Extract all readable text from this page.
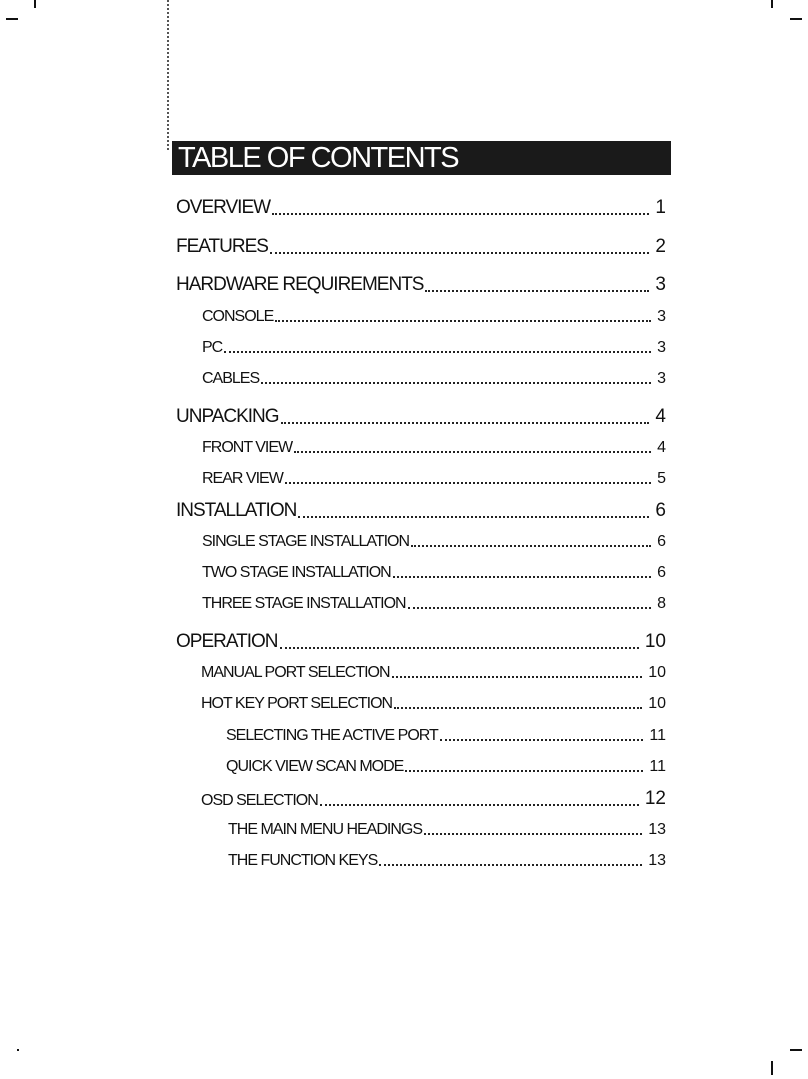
TABLE OF CONTENTS
OVERVIEW	1
FEATURES	2
HARDWARE REQUIREMENTS	3
CONSOLE	3
PC	3
CABLES	3
UNPACKING	4
FRONT VIEW	4
REAR VIEW	5
INSTALLATION	6
SINGLE STAGE INSTALLATION	6
TWO STAGE INSTALLATION	6
THREE STAGE INSTALLATION	8
OPERATION	10
MANUAL PORT SELECTION	10
HOT KEY PORT SELECTION	10
SELECTING THE ACTIVE PORT	11
QUICK VIEW SCAN MODE	11
OSD SELECTION	12
THE MAIN MENU HEADINGS	13
THE FUNCTION KEYS	13
